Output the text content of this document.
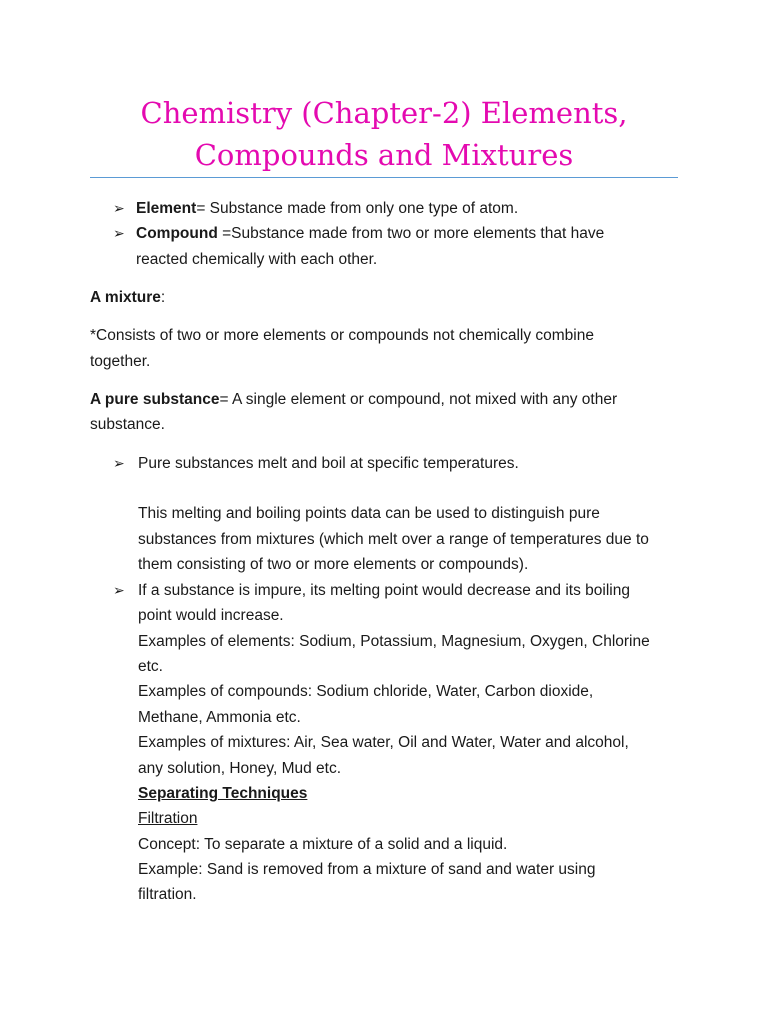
Chemistry (Chapter-2) Elements,
Compounds and Mixtures
➢ Element= Substance made from only one type of atom.

➢ Compound =Substance made from two or more elements that have

reacted chemically with each other.

A mixture:

*Consists of two or more elements or compounds not chemically combine

together.

A pure substance= A single element or compound, not mixed with any other

substance.

➢ Pure substances melt and boil at specific temperatures.

This melting and boiling points data can be used to distinguish pure

substances from mixtures (which melt over a range of temperatures due to

them consisting of two or more elements or compounds).

➢ If a substance is impure, its melting point would decrease and its boiling

point would increase.

Examples of elements: Sodium, Potassium, Magnesium, Oxygen, Chlorine

etc.

Examples of compounds: Sodium chloride, Water, Carbon dioxide,

Methane, Ammonia etc.

Examples of mixtures: Air, Sea water, Oil and Water, Water and alcohol,

any solution, Honey, Mud etc.

Separating Techniques

Filtration

Concept: To separate a mixture of a solid and a liquid.

Example: Sand is removed from a mixture of sand and water using

filtration.
